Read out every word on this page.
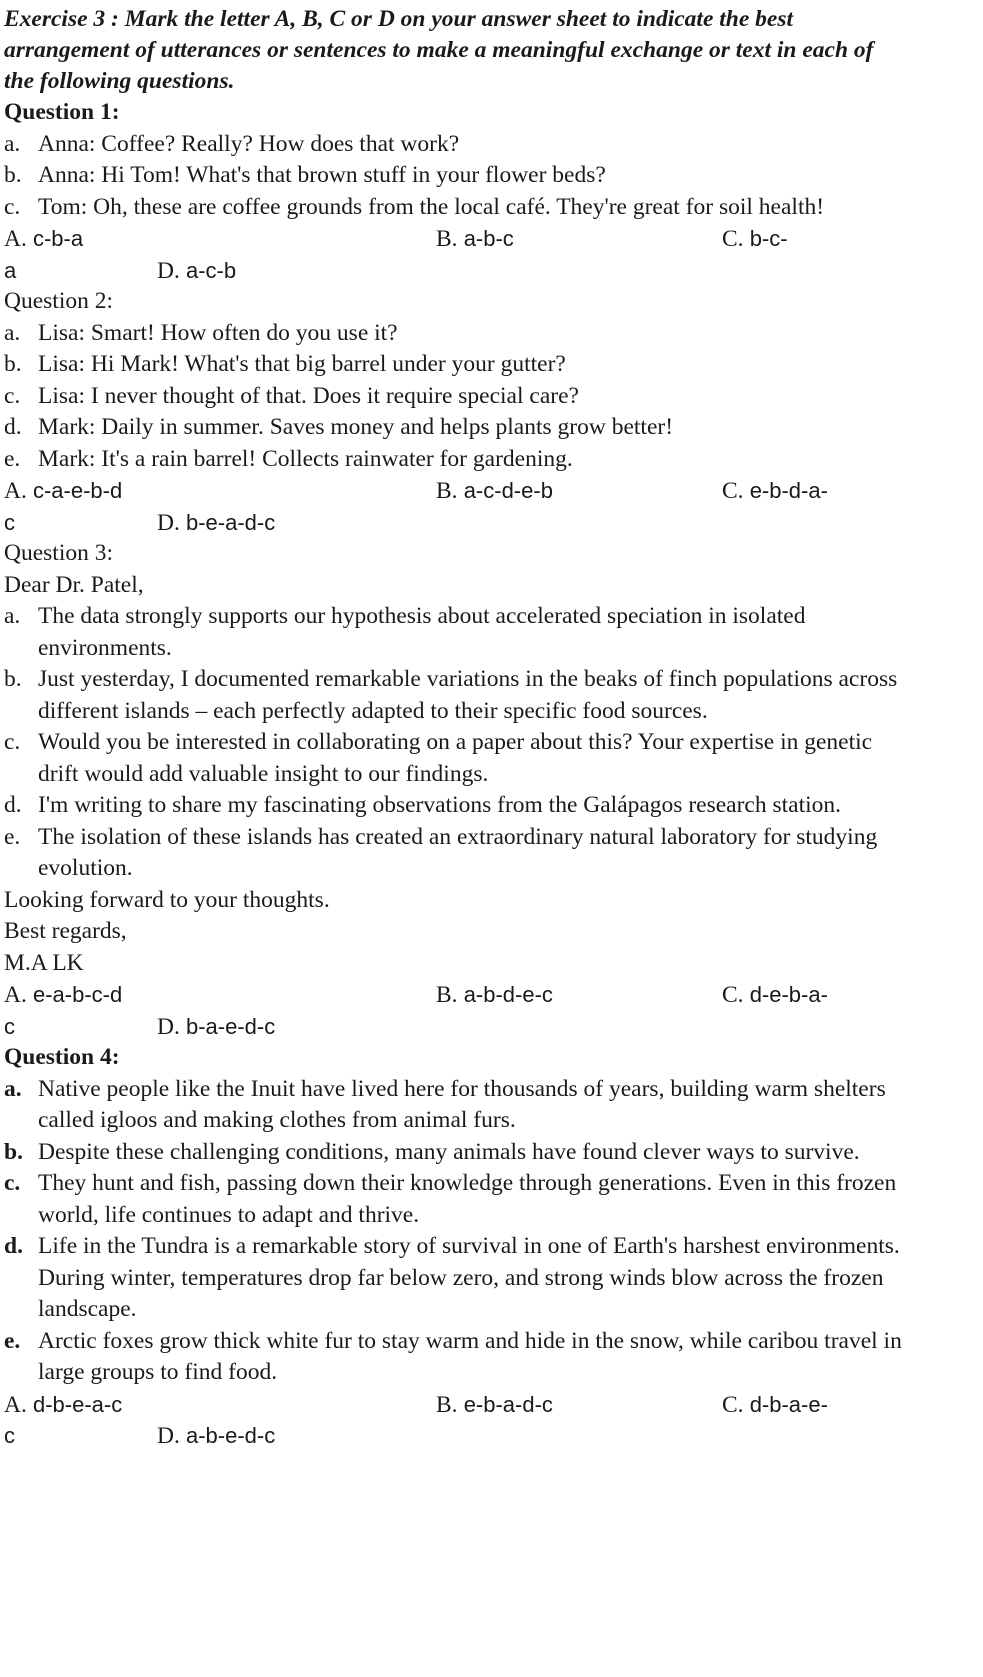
Exercise 3 : Mark the letter A, B, C or D on your answer sheet to indicate the best arrangement of utterances or sentences to make a meaningful exchange or text in each of the following questions.

Question 1:

a. Anna: Coffee? Really? How does that work?

b. Anna: Hi Tom! What's that brown stuff in your flower beds?

c. Tom: Oh, these are coffee grounds from the local café. They're great for soil health!

A. c-b-a	B. a-b-c	C. b-c-
a	D. a-c-b

Question 2:

a. Lisa: Smart! How often do you use it?

b. Lisa: Hi Mark! What's that big barrel under your gutter?

c. Lisa: I never thought of that. Does it require special care?

d. Mark: Daily in summer. Saves money and helps plants grow better!

e. Mark: It's a rain barrel! Collects rainwater for gardening.

A. c-a-e-b-d	B. a-c-d-e-b	C. e-b-d-a-
c	D. b-e-a-d-c

Question 3:

Dear Dr. Patel,

a. The data strongly supports our hypothesis about accelerated speciation in isolated environments.

b. Just yesterday, I documented remarkable variations in the beaks of finch populations across different islands – each perfectly adapted to their specific food sources.

c. Would you be interested in collaborating on a paper about this? Your expertise in genetic drift would add valuable insight to our findings.

d. I'm writing to share my fascinating observations from the Galápagos research station.

e. The isolation of these islands has created an extraordinary natural laboratory for studying evolution.

Looking forward to your thoughts.

Best regards,

M.A LK

A. e-a-b-c-d	B. a-b-d-e-c	C. d-e-b-a-
c	D. b-a-e-d-c

Question 4:

a. Native people like the Inuit have lived here for thousands of years, building warm shelters called igloos and making clothes from animal furs.

b. Despite these challenging conditions, many animals have found clever ways to survive.

c. They hunt and fish, passing down their knowledge through generations. Even in this frozen world, life continues to adapt and thrive.

d. Life in the Tundra is a remarkable story of survival in one of Earth's harshest environments. During winter, temperatures drop far below zero, and strong winds blow across the frozen landscape.

e. Arctic foxes grow thick white fur to stay warm and hide in the snow, while caribou travel in large groups to find food.

A. d-b-e-a-c	B. e-b-a-d-c	C. d-b-a-e-
c	D. a-b-e-d-c
